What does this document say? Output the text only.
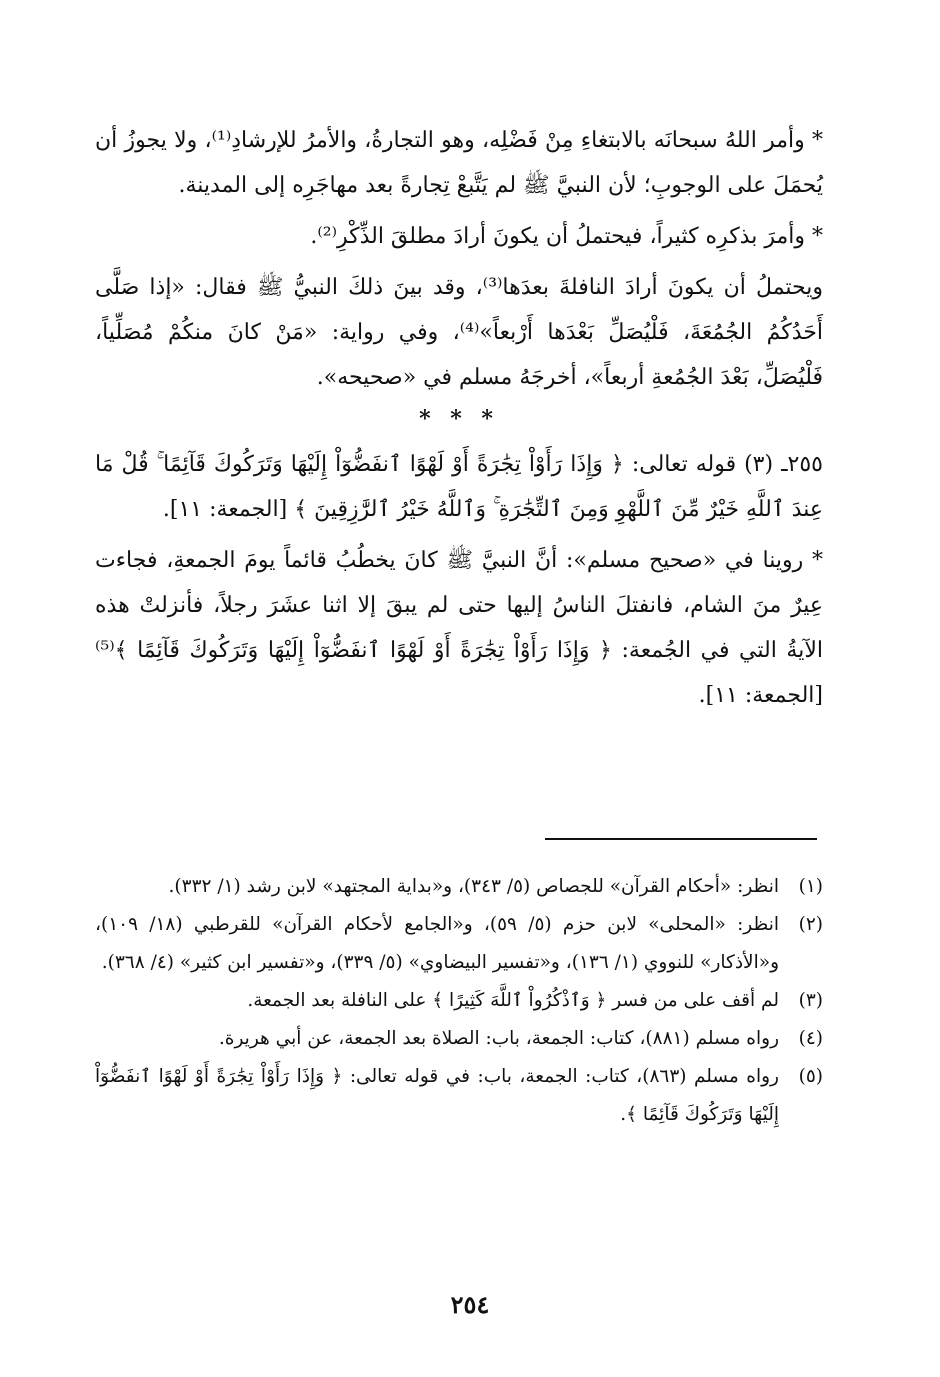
* وأمر اللهُ سبحانَه بالابتغاءِ مِنْ فَضْلِه، وهو التجارةُ، والأمرُ للإرشادِ⁽¹⁾، ولا يجوزُ أن يُحمَلَ على الوجوبِ؛ لأن النبيَّ ﷺ لم يَتَّبعْ تِجارةً بعد مهاجَرِه إلى المدينة.

* وأمرَ بذكرِه كثيراً، فيحتملُ أن يكونَ أرادَ مطلقَ الذِّكْرِ⁽²⁾.

ويحتملُ أن يكونَ أرادَ النافلةَ بعدَها⁽³⁾، وقد بينَ ذلكَ النبيُّ ﷺ فقال: «إذا صَلَّى أَحَدُكُمُ الجُمُعَةَ، فَلْيُصَلِّ بَعْدَها أَرْبعاً»⁽⁴⁾، وفي رواية: «مَنْ كانَ منكُمْ مُصَلِّياً، فَلْيُصَلِّ، بَعْدَ الجُمُعةِ أربعاً»، أخرجَهُ مسلم في «صحيحه».

* * *

٢٥٥ـ (٣) قوله تعالى: ﴿ وَإِذَا رَأَوْاْ تِجَٰرَةً أَوْ لَهْوًا ٱنفَضُّوٓاْ إِلَيْهَا وَتَرَكُوكَ قَآئِمًا ۚ قُلْ مَا عِندَ ٱللَّهِ خَيْرٌ مِّنَ ٱللَّهْوِ وَمِنَ ٱلتِّجَٰرَةِ ۚ وَٱللَّهُ خَيْرُ ٱلرَّٰزِقِينَ ﴾ [الجمعة: ١١].

* روينا في «صحيح مسلم»: أنَّ النبيَّ ﷺ كانَ يخطُبُ قائماً يومَ الجمعةِ، فجاءت عِيرٌ منَ الشام، فانفتلَ الناسُ إليها حتى لم يبقَ إلا اثنا عشَرَ رجلاً، فأنزلتْ هذه الآيةُ التي في الجُمعة: ﴿ وَإِذَا رَأَوْاْ تِجَٰرَةً أَوْ لَهْوًا ٱنفَضُّوٓاْ إِلَيْهَا وَتَرَكُوكَ قَآئِمًا ﴾⁽⁵⁾ [الجمعة: ١١].

(١)
انظر: «أحكام القرآن» للجصاص (٥/ ٣٤٣)، و«بداية المجتهد» لابن رشد (١/ ٣٣٢).
(٢)
انظر: «المحلى» لابن حزم (٥/ ٥٩)، و«الجامع لأحكام القرآن» للقرطبي (١٨/ ١٠٩)، و«الأذكار» للنووي (١/ ١٣٦)، و«تفسير البيضاوي» (٥/ ٣٣٩)، و«تفسير ابن كثير» (٤/ ٣٦٨).
(٣)
لم أقف على من فسر ﴿ وَٱذْكُرُواْ ٱللَّهَ كَثِيرًا ﴾ على النافلة بعد الجمعة.
(٤)
رواه مسلم (٨٨١)، كتاب: الجمعة، باب: الصلاة بعد الجمعة، عن أبي هريرة.
(٥)
رواه مسلم (٨٦٣)، كتاب: الجمعة، باب: في قوله تعالى: ﴿ وَإِذَا رَأَوْاْ تِجَٰرَةً أَوْ لَهْوًا ٱنفَضُّوٓاْ إِلَيْهَا وَتَرَكُوكَ قَآئِمًا ﴾.
٢٥٤
